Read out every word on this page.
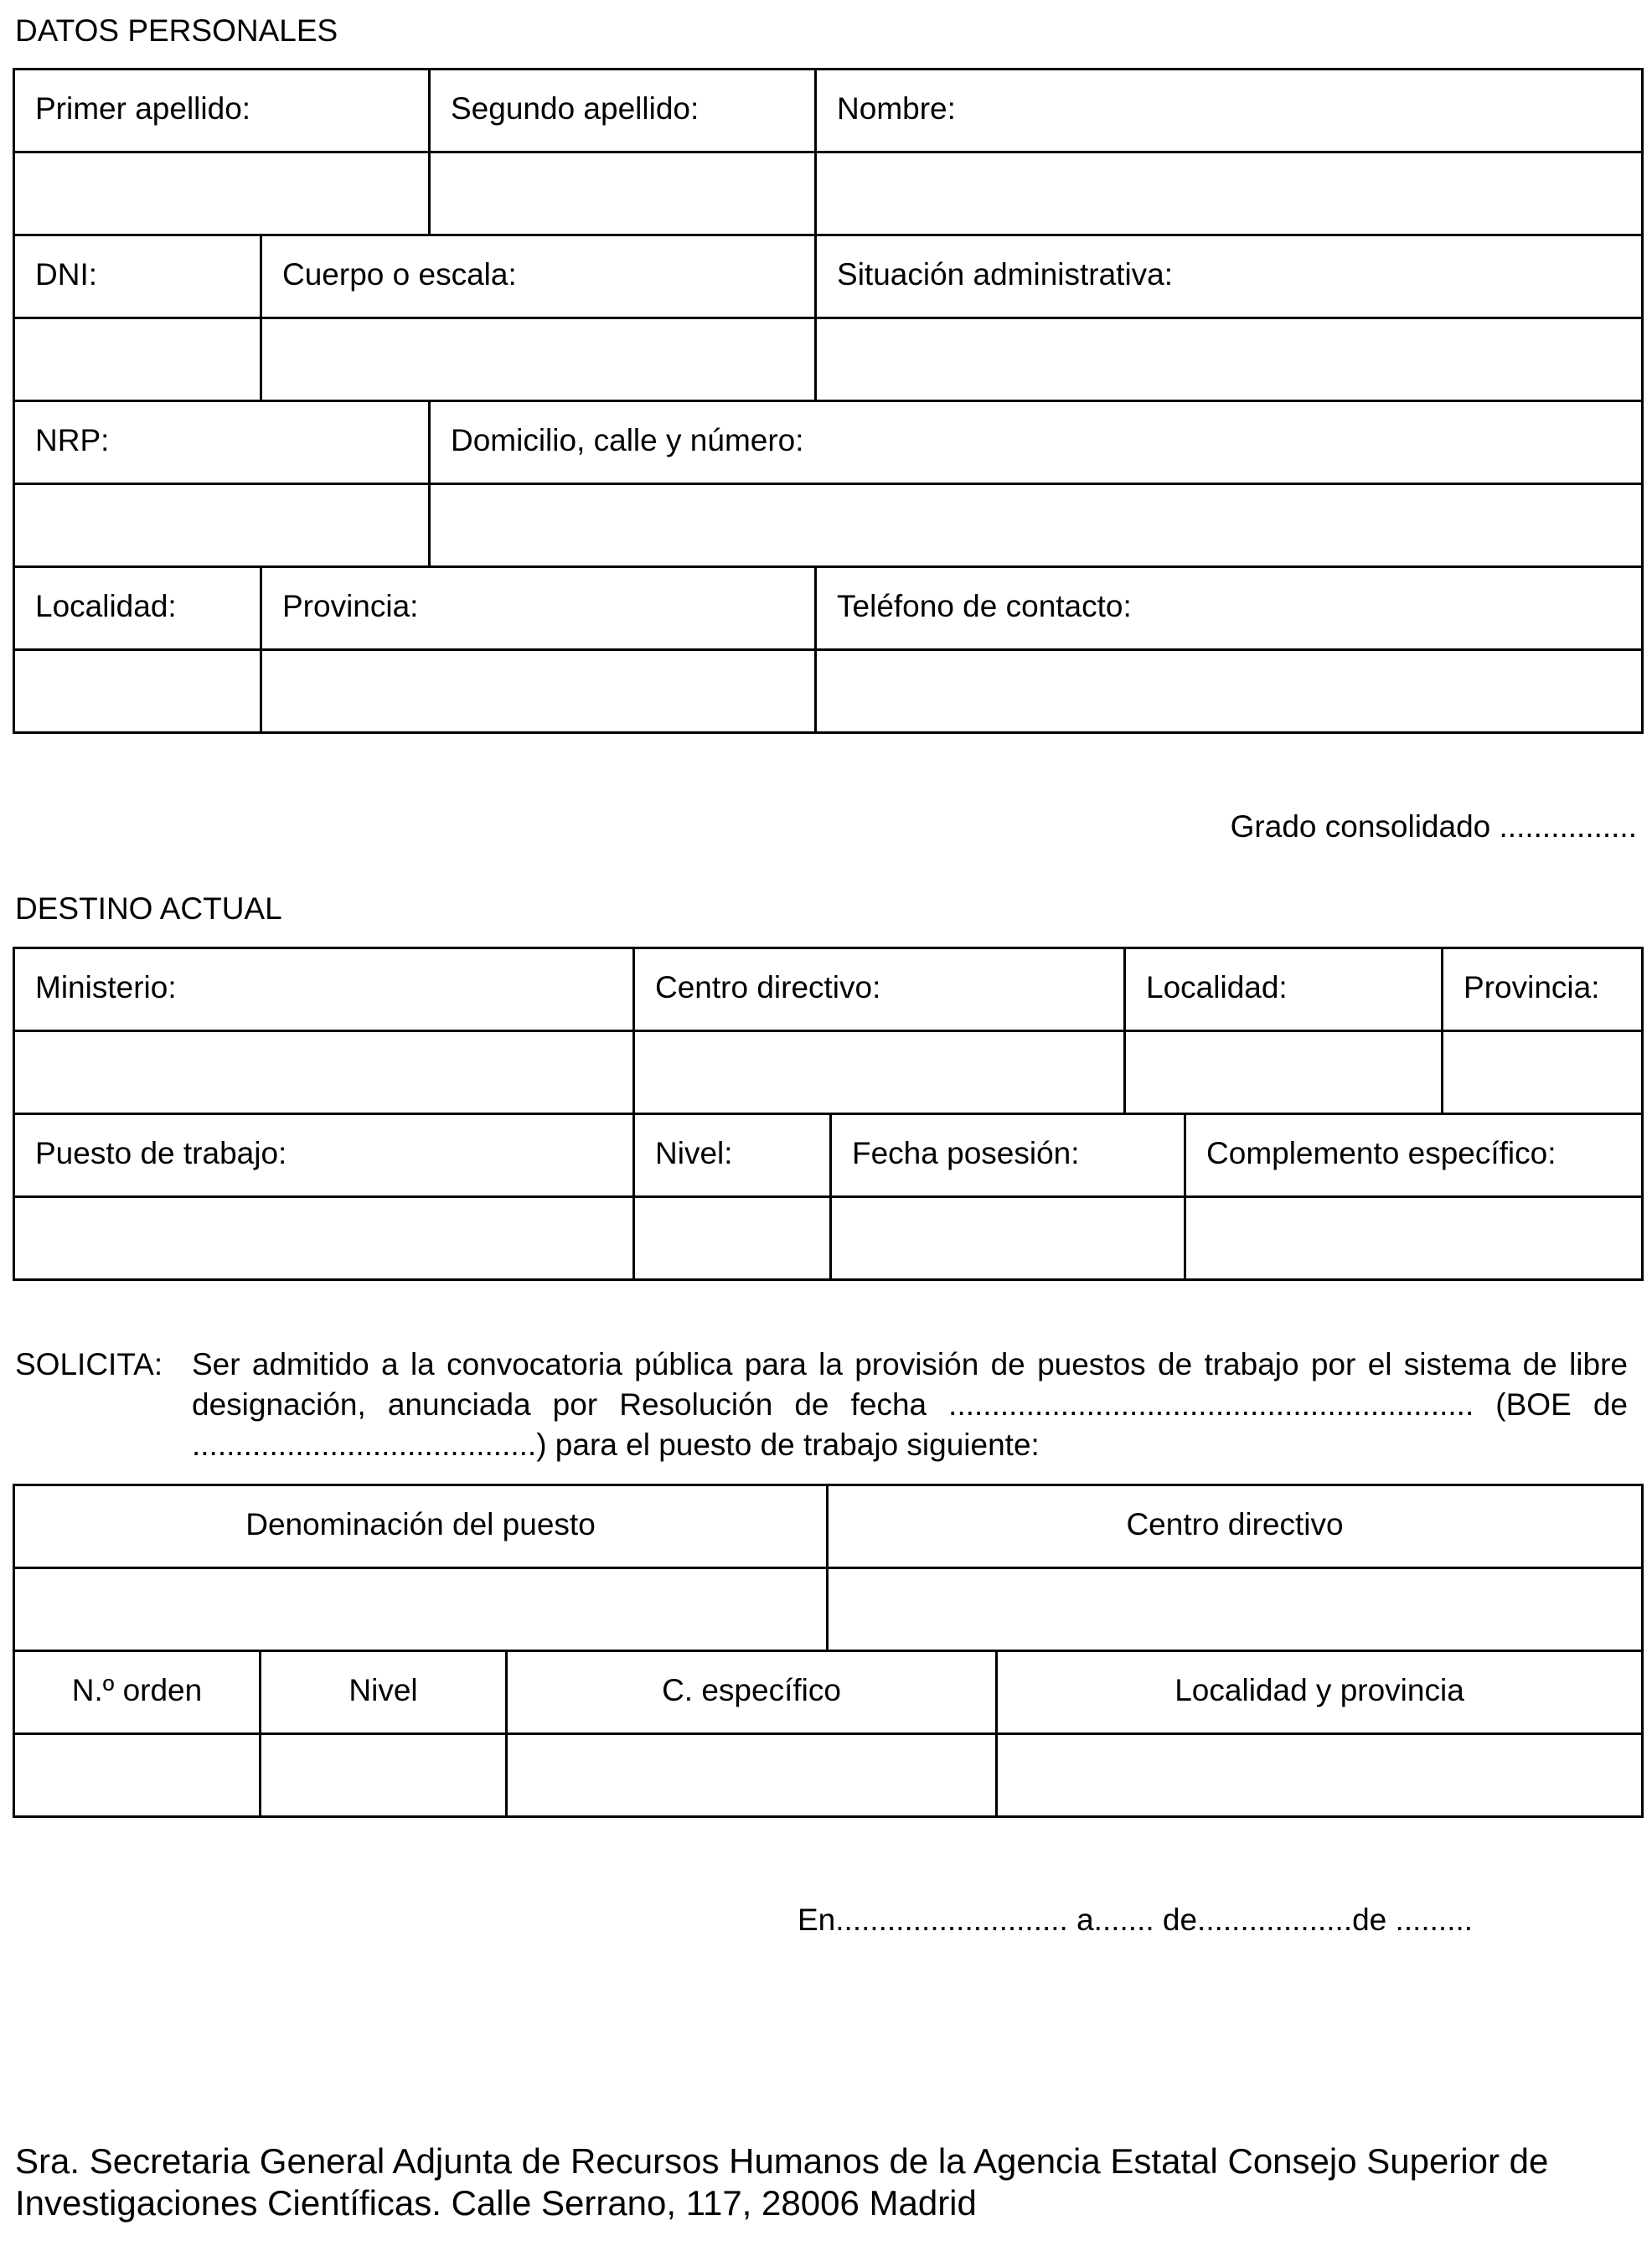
DATOS PERSONALES
Primer apellido:		Segundo apellido:	Nombre:

DNI:	Cuerpo o escala:		Situación administrativa:

NRP:		Domicilio, calle y número:	

Localidad:	Provincia:		Teléfono de contacto:

Grado consolidado ................
DESTINO ACTUAL
Ministerio:	Centro directivo:		Localidad:		Provincia:

Puesto de trabajo:	Nivel:	Fecha posesión:		Complemento específico:	

SOLICITA: Ser admitido a la convocatoria pública para la provisión de puestos de trabajo por el sistema de libre designación, anunciada por Resolución de fecha ............................................................. (BOE de ........................................) para el puesto de trabajo siguiente:
Denominación del puesto			Centro directivo	

N.º orden	Nivel	C. específico		Localidad y provincia

En........................... a....... de..................de .........
Sra. Secretaria General Adjunta de Recursos Humanos de la Agencia Estatal Consejo Superior de Investigaciones Científicas. Calle Serrano, 117, 28006 Madrid
